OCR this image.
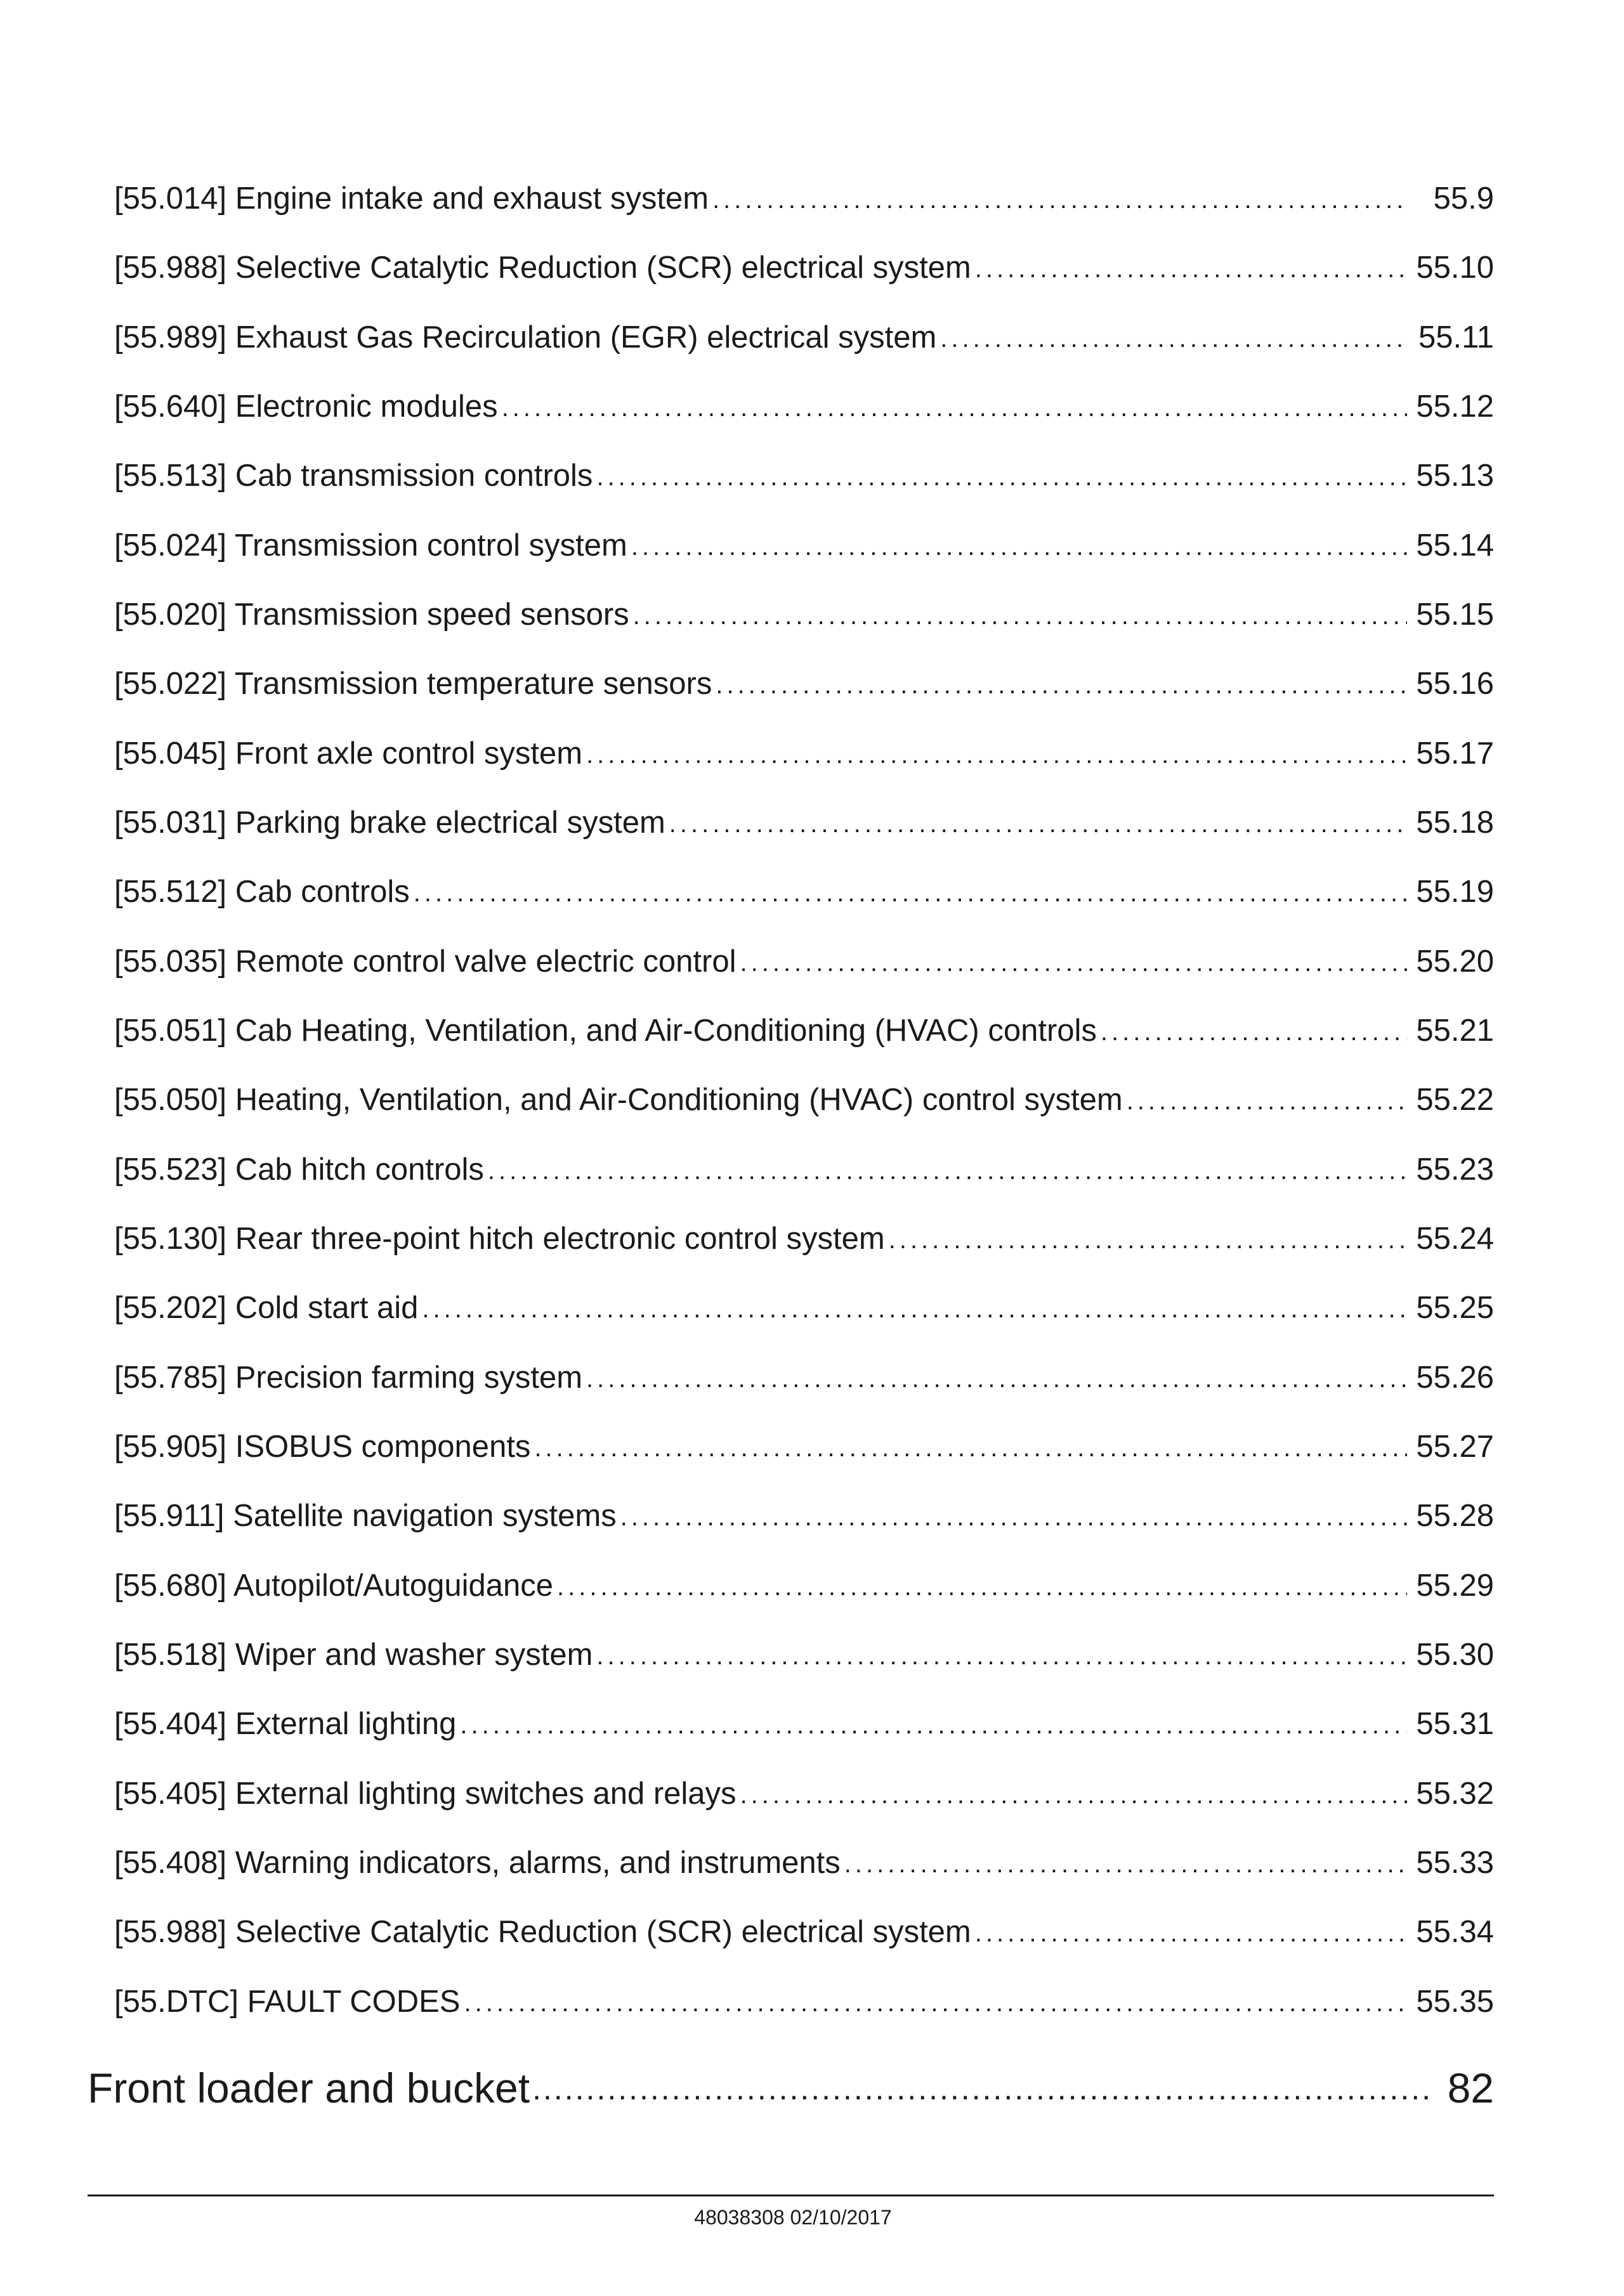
[55.014] Engine intake and exhaust system .....	55.9
[55.988] Selective Catalytic Reduction (SCR) electrical system .....	55.10
[55.989] Exhaust Gas Recirculation (EGR) electrical system .....	55.11
[55.640] Electronic modules .....	55.12
[55.513] Cab transmission controls .....	55.13
[55.024] Transmission control system .....	55.14
[55.020] Transmission speed sensors .....	55.15
[55.022] Transmission temperature sensors .....	55.16
[55.045] Front axle control system .....	55.17
[55.031] Parking brake electrical system .....	55.18
[55.512] Cab controls .....	55.19
[55.035] Remote control valve electric control .....	55.20
[55.051] Cab Heating, Ventilation, and Air-Conditioning (HVAC) controls .....	55.21
[55.050] Heating, Ventilation, and Air-Conditioning (HVAC) control system .....	55.22
[55.523] Cab hitch controls .....	55.23
[55.130] Rear three-point hitch electronic control system .....	55.24
[55.202] Cold start aid .....	55.25
[55.785] Precision farming system .....	55.26
[55.905] ISOBUS components .....	55.27
[55.911] Satellite navigation systems .....	55.28
[55.680] Autopilot/Autoguidance .....	55.29
[55.518] Wiper and washer system .....	55.30
[55.404] External lighting .....	55.31
[55.405] External lighting switches and relays .....	55.32
[55.408] Warning indicators, alarms, and instruments .....	55.33
[55.988] Selective Catalytic Reduction (SCR) electrical system .....	55.34
[55.DTC] FAULT CODES .....	55.35
Front loader and bucket .....	82
48038308 02/10/2017
